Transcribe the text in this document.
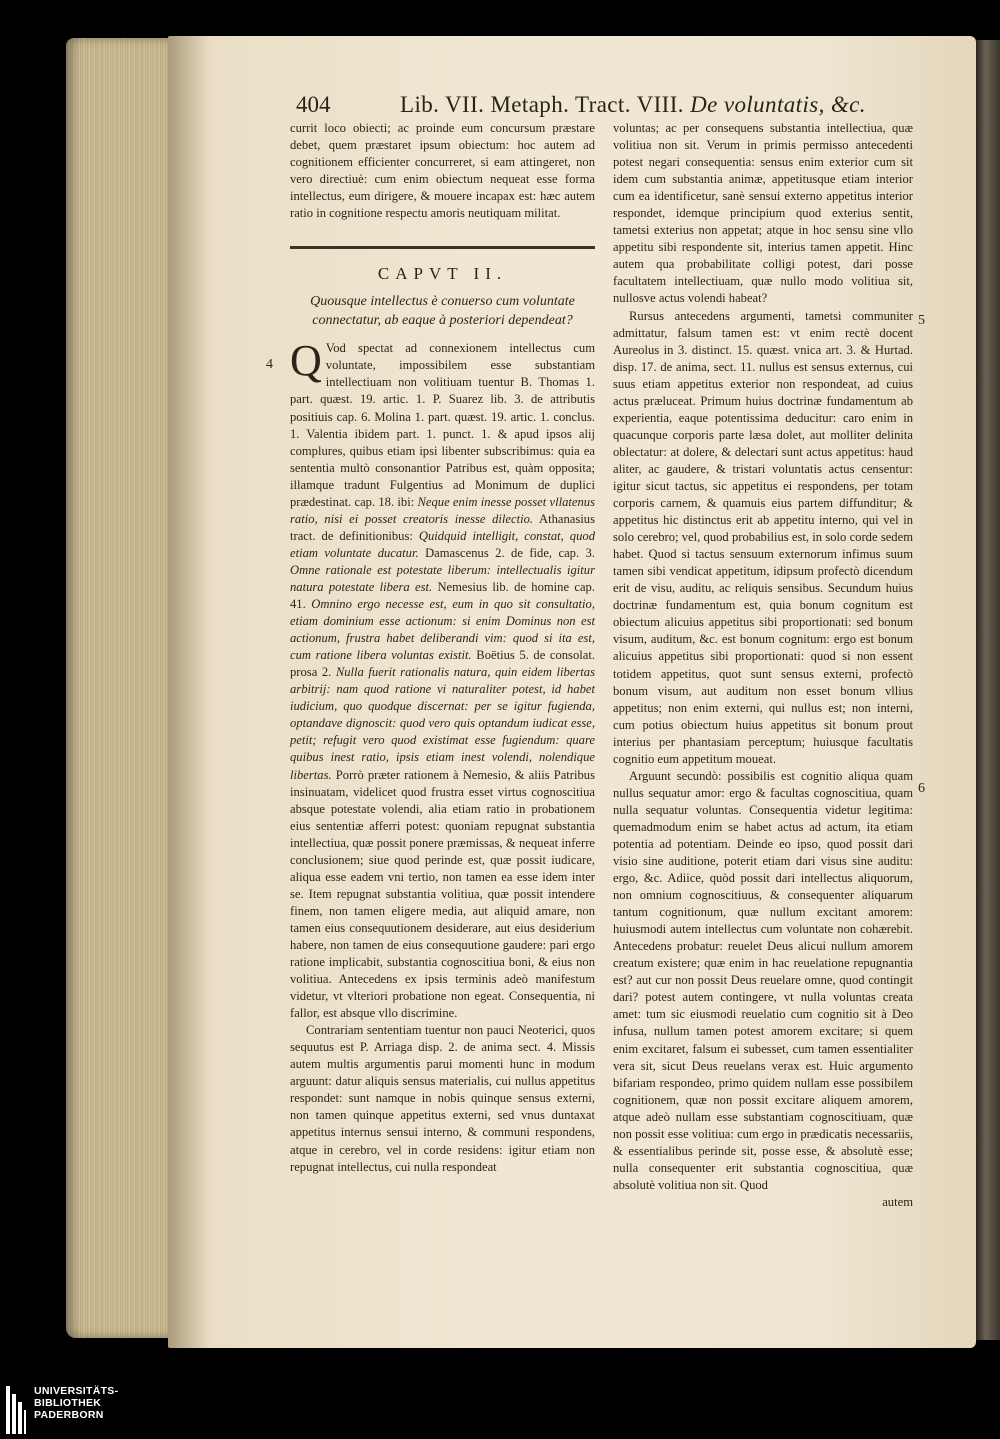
404	Lib. VII. Metaph. Tract. VIII. De voluntatis, &c.

currit loco obiecti; ac proinde eum concursum præstare debet, quem præstaret ipsum obiectum: hoc autem ad cognitionem efficienter concurreret, si eam attingeret, non vero directiuè: cum enim obiectum nequeat esse forma intellectus, eum dirigere, & mouere incapax est: hæc autem ratio in cognitione respectu amoris neutiquam militat.

CAPVT II.
Quousque intellectus è conuerso cum voluntate connectatur, ab eaque à posteriori dependeat?

Q Vod spectat ad connexionem intellectus cum voluntate, impossibilem esse substantiam intellectiuam non volitiuam tuentur B. Thomas 1. part. quæst. 19. artic. 1. P. Suarez lib. 3. de attributis positiuis cap. 6. Molina 1. part. quæst. 19. artic. 1. conclus. 1. Valentia ibidem part. 1. punct. 1. & apud ipsos alij complures, quibus etiam ipsi libenter subscribimus: quia ea sententia multò consonantior Patribus est, quàm opposita; illamque tradunt Fulgentius ad Monimum de duplici prædestinat. cap. 18. ibi: Neque enim inesse posset vllatenus ratio, nisi ei posset creatoris inesse dilectio. Athanasius tract. de definitionibus: Quidquid intelligit, constat, quod etiam voluntate ducatur. Damascenus 2. de fide, cap. 3. Omne rationale est potestate liberum: intellectualis igitur natura potestate libera est. Nemesius lib. de homine cap. 41. Omnino ergo necesse est, eum in quo sit consultatio, etiam dominium esse actionum: si enim Dominus non est actionum, frustra habet deliberandi vim: quod si ita est, cum ratione libera voluntas existit. Boëtius 5. de consolat. prosa 2. Nulla fuerit rationalis natura, quin eidem libertas arbitrij: nam quod ratione vi naturaliter potest, id habet iudicium, quo quodque discernat: per se igitur fugienda, optandave dignoscit: quod vero quis optandum iudicat esse, petit; refugit vero quod existimat esse fugiendum: quare quibus inest ratio, ipsis etiam inest volendi, nolendique libertas. Porrò præter rationem à Nemesio, & aliis Patribus insinuatam, videlicet quod frustra esset virtus cognoscitiua absque potestate volendi, alia etiam ratio in probationem eius sententiæ afferri potest: quoniam repugnat substantia intellectiua, quæ possit ponere præmissas, & nequeat inferre conclusionem; siue quod perinde est, quæ possit iudicare, aliqua esse eadem vni tertio, non tamen ea esse idem inter se. Item repugnat substantia volitiua, quæ possit intendere finem, non tamen eligere media, aut aliquid amare, non tamen eius consequutionem desiderare, aut eius desiderium habere, non tamen de eius consequutione gaudere: pari ergo ratione implicabit, substantia cognoscitiua boni, & eius non volitiua. Antecedens ex ipsis terminis adeò manifestum videtur, vt vlteriori probatione non egeat. Consequentia, ni fallor, est absque vllo discrimine.

Contrariam sententiam tuentur non pauci Neoterici, quos sequutus est P. Arriaga disp. 2. de anima sect. 4. Missis autem multis argumentis parui momenti hunc in modum arguunt: datur aliquis sensus materialis, cui nullus appetitus respondet: sunt namque in nobis quinque sensus externi, non tamen quinque appetitus externi, sed vnus duntaxat appetitus internus sensui interno, & communi respondens, atque in cerebro, vel in corde residens: igitur etiam non repugnat intellectus, cui nulla respondeat

4

voluntas; ac per consequens substantia intellectiua, quæ volitiua non sit. Verum in primis permisso antecedenti potest negari consequentia: sensus enim exterior cum sit idem cum substantia animæ, appetitusque etiam interior cum ea identificetur, sanè sensui externo appetitus interior respondet, idemque principium quod exterius sentit, tametsi exterius non appetat; atque in hoc sensu sine vllo appetitu sibi respondente sit, interius tamen appetit. Hinc autem qua probabilitate colligi potest, dari posse facultatem intellectiuam, quæ nullo modo volitiua sit, nullosve actus volendi habeat?

Rursus antecedens argumenti, tametsi communiter admittatur, falsum tamen est: vt enim rectè docent Aureolus in 3. distinct. 15. quæst. vnica art. 3. & Hurtad. disp. 17. de anima, sect. 11. nullus est sensus externus, cui suus etiam appetitus exterior non respondeat, ad cuius actus præluceat. Primum huius doctrinæ fundamentum ab experientia, eaque potentissima deducitur: caro enim in quacunque corporis parte læsa dolet, aut molliter delinita oblectatur: at dolere, & delectari sunt actus appetitus: haud aliter, ac gaudere, & tristari voluntatis actus censentur: igitur sicut tactus, sic appetitus ei respondens, per totam corporis carnem, & quamuis eius partem diffunditur; & appetitus hic distinctus erit ab appetitu interno, qui vel in solo cerebro; vel, quod probabilius est, in solo corde sedem habet. Quod si tactus sensuum externorum infimus suum tamen sibi vendicat appetitum, idipsum profectò dicendum erit de visu, auditu, ac reliquis sensibus. Secundum huius doctrinæ fundamentum est, quia bonum cognitum est obiectum alicuius appetitus sibi proportionati: sed bonum visum, auditum, &c. est bonum cognitum: ergo est bonum alicuius appetitus sibi proportionati: quod si non essent totidem appetitus, quot sunt sensus externi, profectò bonum visum, aut auditum non esset bonum vllius appetitus; non enim externi, qui nullus est; non interni, cum potius obiectum huius appetitus sit bonum prout interius per phantasiam perceptum; huiusque facultatis cognitio eum appetitum moueat.

Arguunt secundò: possibilis est cognitio aliqua quam nullus sequatur amor: ergo & facultas cognoscitiua, quam nulla sequatur voluntas. Consequentia videtur legitima: quemadmodum enim se habet actus ad actum, ita etiam potentia ad potentiam. Deinde eo ipso, quod possit dari visio sine auditione, poterit etiam dari visus sine auditu: ergo, &c. Adiice, quòd possit dari intellectus aliquorum, non omnium cognoscitiuus, & consequenter aliquarum tantum cognitionum, quæ nullum excitant amorem: huiusmodi autem intellectus cum voluntate non cohærebit. Antecedens probatur: reuelet Deus alicui nullum amorem creatum existere; quæ enim in hac reuelatione repugnantia est? aut cur non possit Deus reuelare omne, quod contingit dari? potest autem contingere, vt nulla voluntas creata amet: tum sic eiusmodi reuelatio cum cognitio sit à Deo infusa, nullum tamen potest amorem excitare; si quem enim excitaret, falsum ei subesset, cum tamen essentialiter vera sit, sicut Deus reuelans verax est. Huic argumento bifariam respondeo, primo quidem nullam esse possibilem cognitionem, quæ non possit excitare aliquem amorem, atque adeò nullam esse substantiam cognoscitiuam, quæ non possit esse volitiua: cum ergo in prædicatis necessariis, & essentialibus perinde sit, posse esse, & absolutè esse; nulla consequenter erit substantia cognoscitiua, quæ absolutè volitiua non sit. Quod

autem

5
6
UNIVERSITÄTS-
BIBLIOTHEK
PADERBORN
